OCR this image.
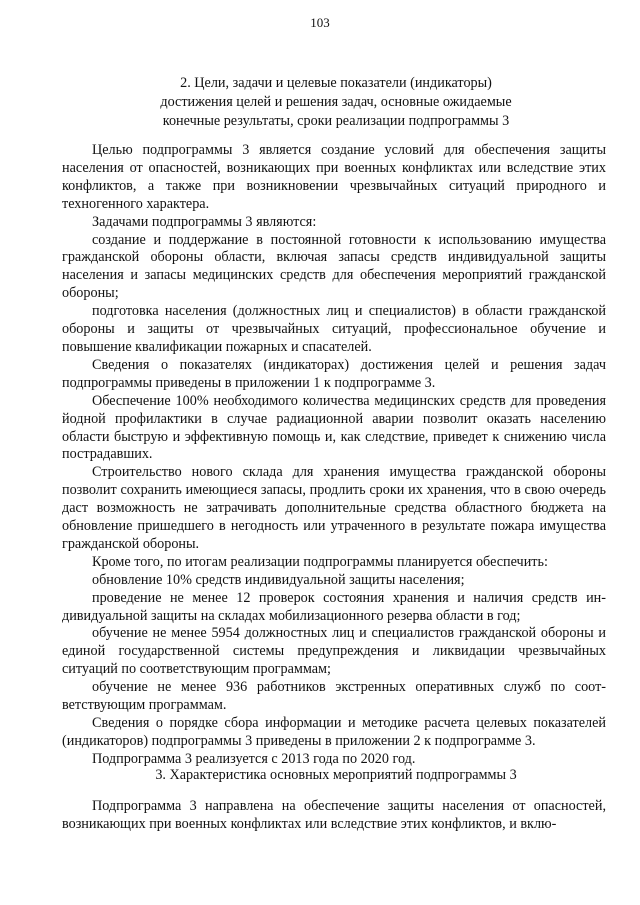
103
2. Цели, задачи и целевые показатели (индикаторы)
достижения целей и решения задач, основные ожидаемые
конечные результаты, сроки реализации подпрограммы 3

Целью подпрограммы 3 является создание условий для обеспечения защиты населения от опасностей, возникающих при военных конфликтах или вследствие этих конфликтов, а также при возникновении чрезвычайных ситуаций природного и техногенного характера.

Задачами подпрограммы 3 являются:

создание и поддержание в постоянной готовности к использованию имущества гражданской обороны области, включая запасы средств индивидуальной защиты населения и запасы медицинских средств для обеспечения мероприятий гражданской обороны;

подготовка населения (должностных лиц и специалистов) в области гражданской обороны и защиты от чрезвычайных ситуаций, профессиональное обучение и повышение квалификации пожарных и спасателей.

Сведения о показателях (индикаторах) достижения целей и решения задач подпрограммы приведены в приложении 1 к подпрограмме 3.

Обеспечение 100% необходимого количества медицинских средств для проведения йодной профилактики в случае радиационной аварии позволит оказать населению области быструю и эффективную помощь и, как следствие, приведет к снижению числа пострадавших.

Строительство нового склада для хранения имущества гражданской обороны позволит сохранить имеющиеся запасы, продлить сроки их хранения, что в свою очередь даст возможность не затрачивать дополнительные средства областного бюджета на обновление пришедшего в негодность или утраченного в результате пожара имущества гражданской обороны.

Кроме того, по итогам реализации подпрограммы планируется обеспечить:

обновление 10% средств индивидуальной защиты населения;

проведение не менее 12 проверок состояния хранения и наличия средств индивидуальной защиты на складах мобилизационного резерва области в год;

обучение не менее 5954 должностных лиц и специалистов гражданской обороны и единой государственной системы предупреждения и ликвидации чрезвычайных ситуаций по соответствующим программам;

обучение не менее 936 работников экстренных оперативных служб по соответствующим программам.

Сведения о порядке сбора информации и методике расчета целевых показателей (индикаторов) подпрограммы 3 приведены в приложении 2 к подпрограмме 3.

Подпрограмма 3 реализуется с 2013 года по 2020 год.

3. Характеристика основных мероприятий подпрограммы 3

Подпрограмма 3 направлена на обеспечение защиты населения от опасностей, возникающих при военных конфликтах или вследствие этих конфликтов, и вклю-
